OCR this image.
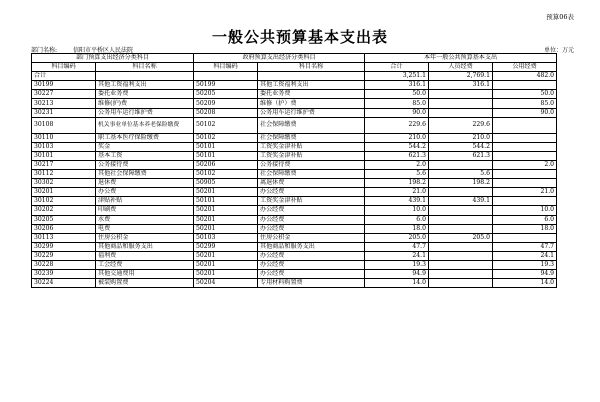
预算06表
一般公共预算基本支出表
部门名称:	信阳市平桥区人民法院	单位：万元
部门预算支出经济分类科目		政府预算支出经济分类科目		本年一般公共预算基本支出		
科目编码	科目名称	科目编码	科目名称	合计	人员经费	公用经费
合计				3,251.1	2,769.1	482.0
30199	其他工资福利支出	50199	其他工资福利支出	316.1	316.1	
30227	委托业务费	50205	委托业务费	50.0		50.0
30213	维修(护)费	50209	维修（护）费	85.0		85.0
30231	公务用车运行维护费	50208	公务用车运行维护费	90.0		90.0
30108	机关事业单位基本养老保险缴费	50102	社会保障缴费	229.6	229.6	
30110	职工基本医疗保险缴费	50102	社会保障缴费	210.0	210.0	
30103	奖金	50101	工资奖金津补贴	544.2	544.2	
30101	基本工资	50101	工资奖金津补贴	621.3	621.3	
30217	公务接待费	50206	公务接待费	2.0		2.0
30112	其他社会保障缴费	50102	社会保障缴费	5.6	5.6	
30302	退休费	50905	离退休费	198.2	198.2	
30201	办公费	50201	办公经费	21.0		21.0
30102	津贴补贴	50101	工资奖金津补贴	439.1	439.1	
30202	印刷费	50201	办公经费	10.0		10.0
30205	水费	50201	办公经费	6.0		6.0
30206	电费	50201	办公经费	18.0		18.0
30113	住房公积金	50103	住房公积金	205.0	205.0	
30299	其他商品和服务支出	50299	其他商品和服务支出	47.7		47.7
30229	福利费	50201	办公经费	24.1		24.1
30228	工会经费	50201	办公经费	19.3		19.3
30239	其他交通费用	50201	办公经费	94.9		94.9
30224	被装购置费	50204	专用材料购置费	14.0		14.0
